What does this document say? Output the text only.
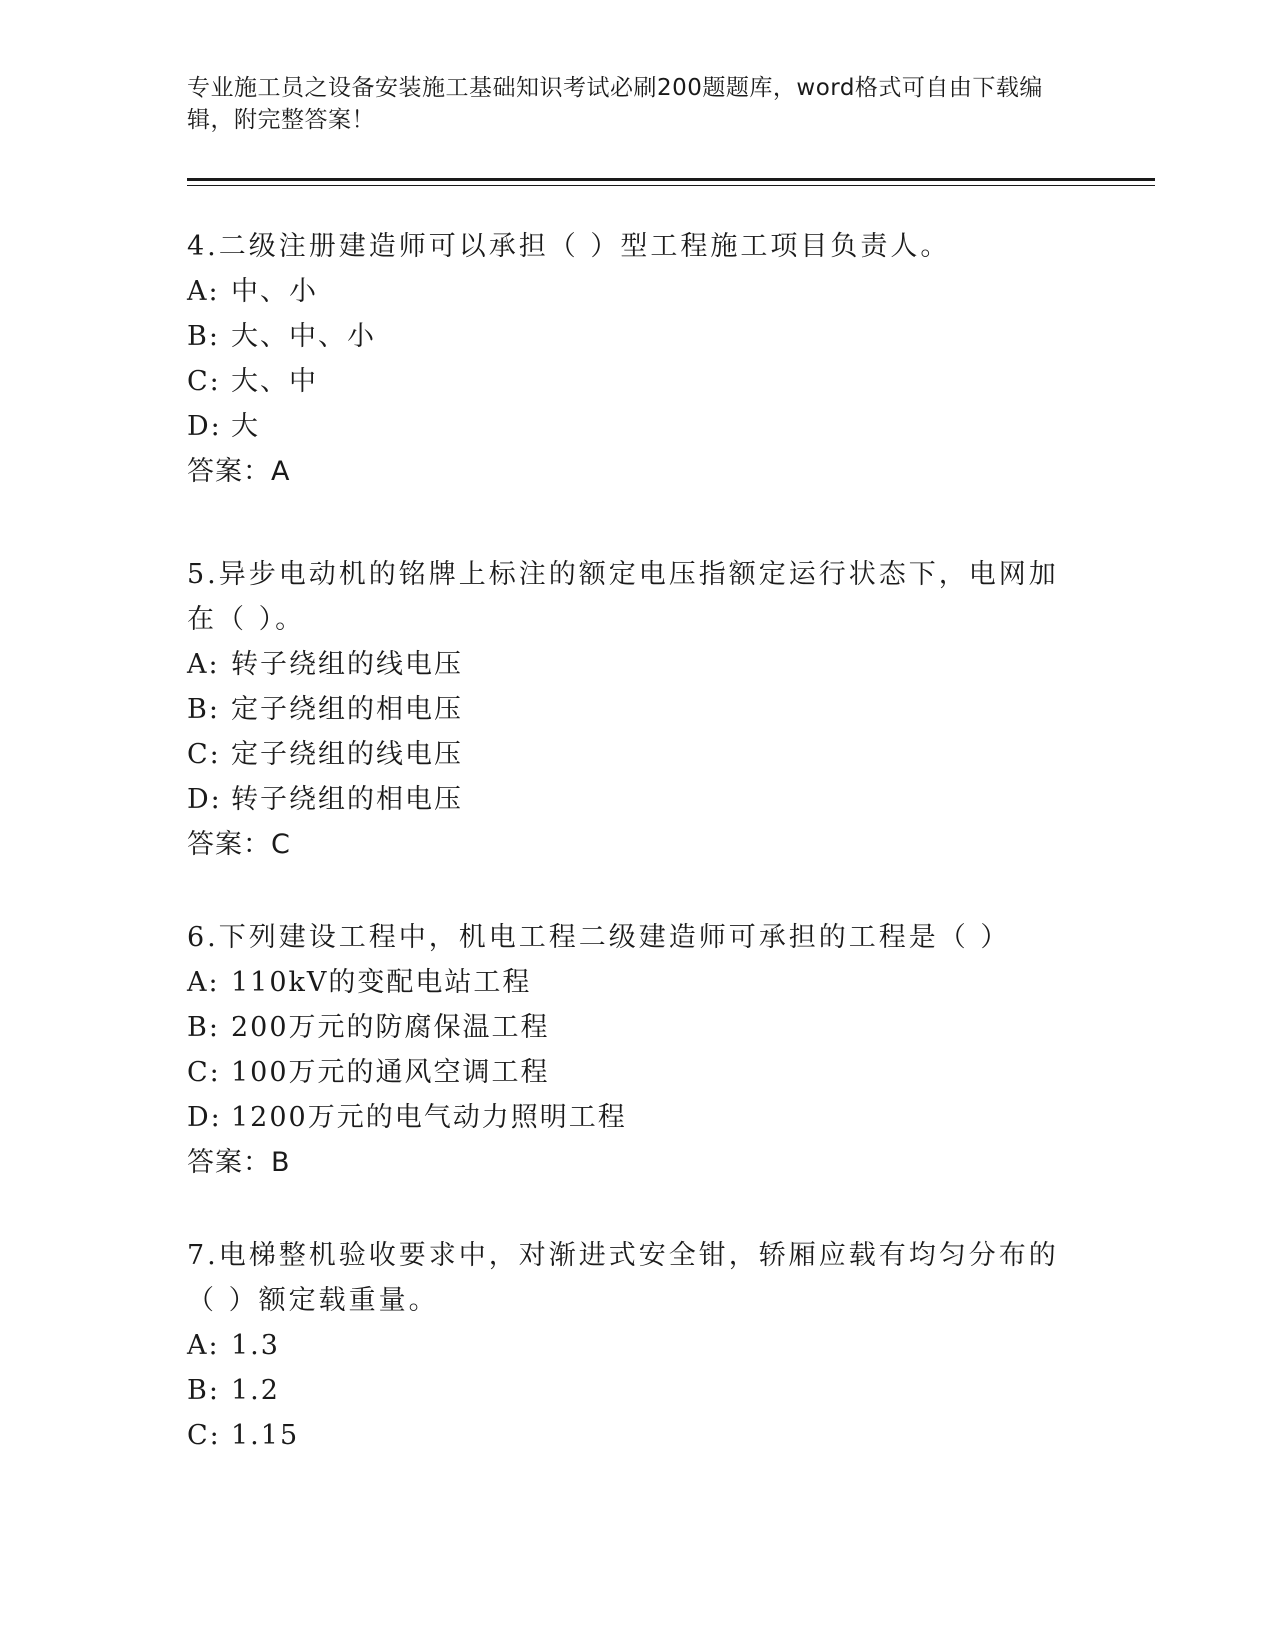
专业施工员之设备安装施工基础知识考试必刷200题题库，word格式可自由下载编辑，附完整答案！

4.二级注册建造师可以承担（ ）型工程施工项目负责人。

A: 中、小

B: 大、中、小

C: 大、中

D: 大

答案：A

5.异步电动机的铭牌上标注的额定电压指额定运行状态下，电网加在（ ）。

A: 转子绕组的线电压

B: 定子绕组的相电压

C: 定子绕组的线电压

D: 转子绕组的相电压

答案：C

6.下列建设工程中，机电工程二级建造师可承担的工程是（ ）

A: 110kV的变配电站工程

B: 200万元的防腐保温工程

C: 100万元的通风空调工程

D: 1200万元的电气动力照明工程

答案：B

7.电梯整机验收要求中，对渐进式安全钳，轿厢应载有均匀分布的（ ）额定载重量。

A: 1.3

B: 1.2

C: 1.15
